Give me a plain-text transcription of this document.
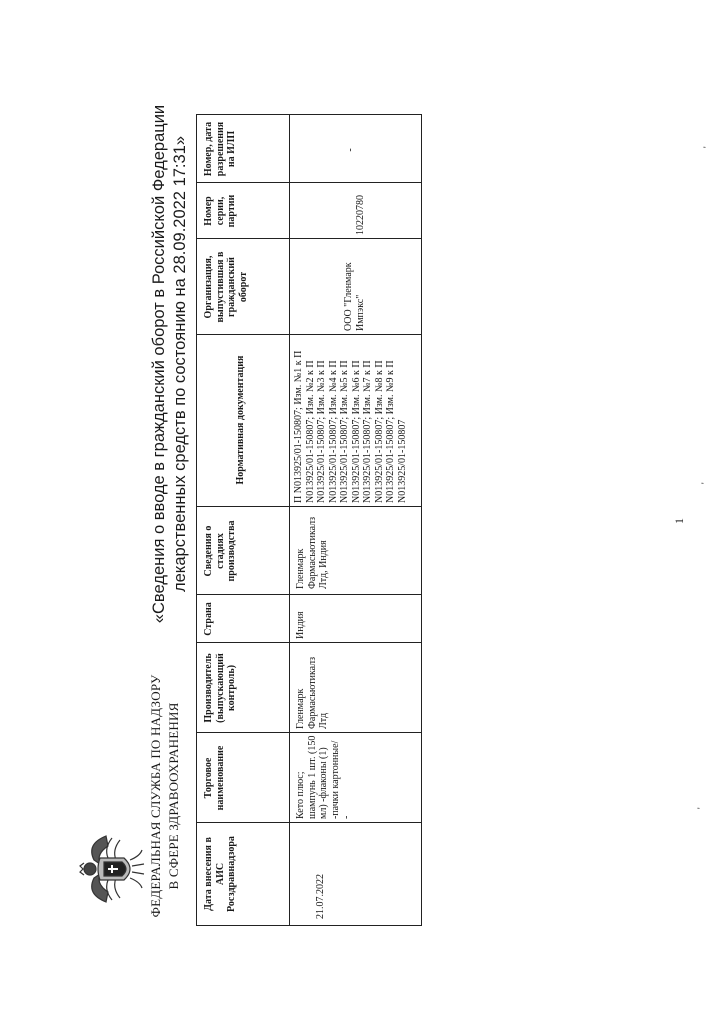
ФЕДЕРАЛЬНАЯ СЛУЖБА ПО НАДЗОРУ В СФЕРЕ ЗДРАВООХРАНЕНИЯ
«Сведения о вводе в гражданский оборот в Российской Федерации лекарственных средств по состоянию на 28.09.2022 17:31»
Дата внесения в АИС Росздравнадзора
Торговое наименование
Производитель (выпускающий контроль)
Страна
Сведения о стадиях производства
Нормативная документация
Организация, выпустившая в гражданский оборот
Номер серии, партии
Номер, дата разрешения на ИЛП
21.07.2022
Кето плюс; шампунь 1 шт. (150 мл) -флаконы (1) -пачки картонные/ -
Гленмарк Фармасьютикалз Лтд
Индия
Гленмарк Фармасьютикалз Лтд, Индия
П N013925/01-150807; Изм. №1 к П N013925/01-150807; Изм. №2 к П N013925/01-150807; Изм. №3 к П N013925/01-150807; Изм. №4 к П N013925/01-150807; Изм. №5 к П N013925/01-150807; Изм. №6 к П N013925/01-150807; Изм. №7 к П N013925/01-150807; Изм. №8 к П N013925/01-150807; Изм. №9 к П N013925/01-150807
ООО "Гленмарк Импэкс"
10220780
-
1
'
'
'
